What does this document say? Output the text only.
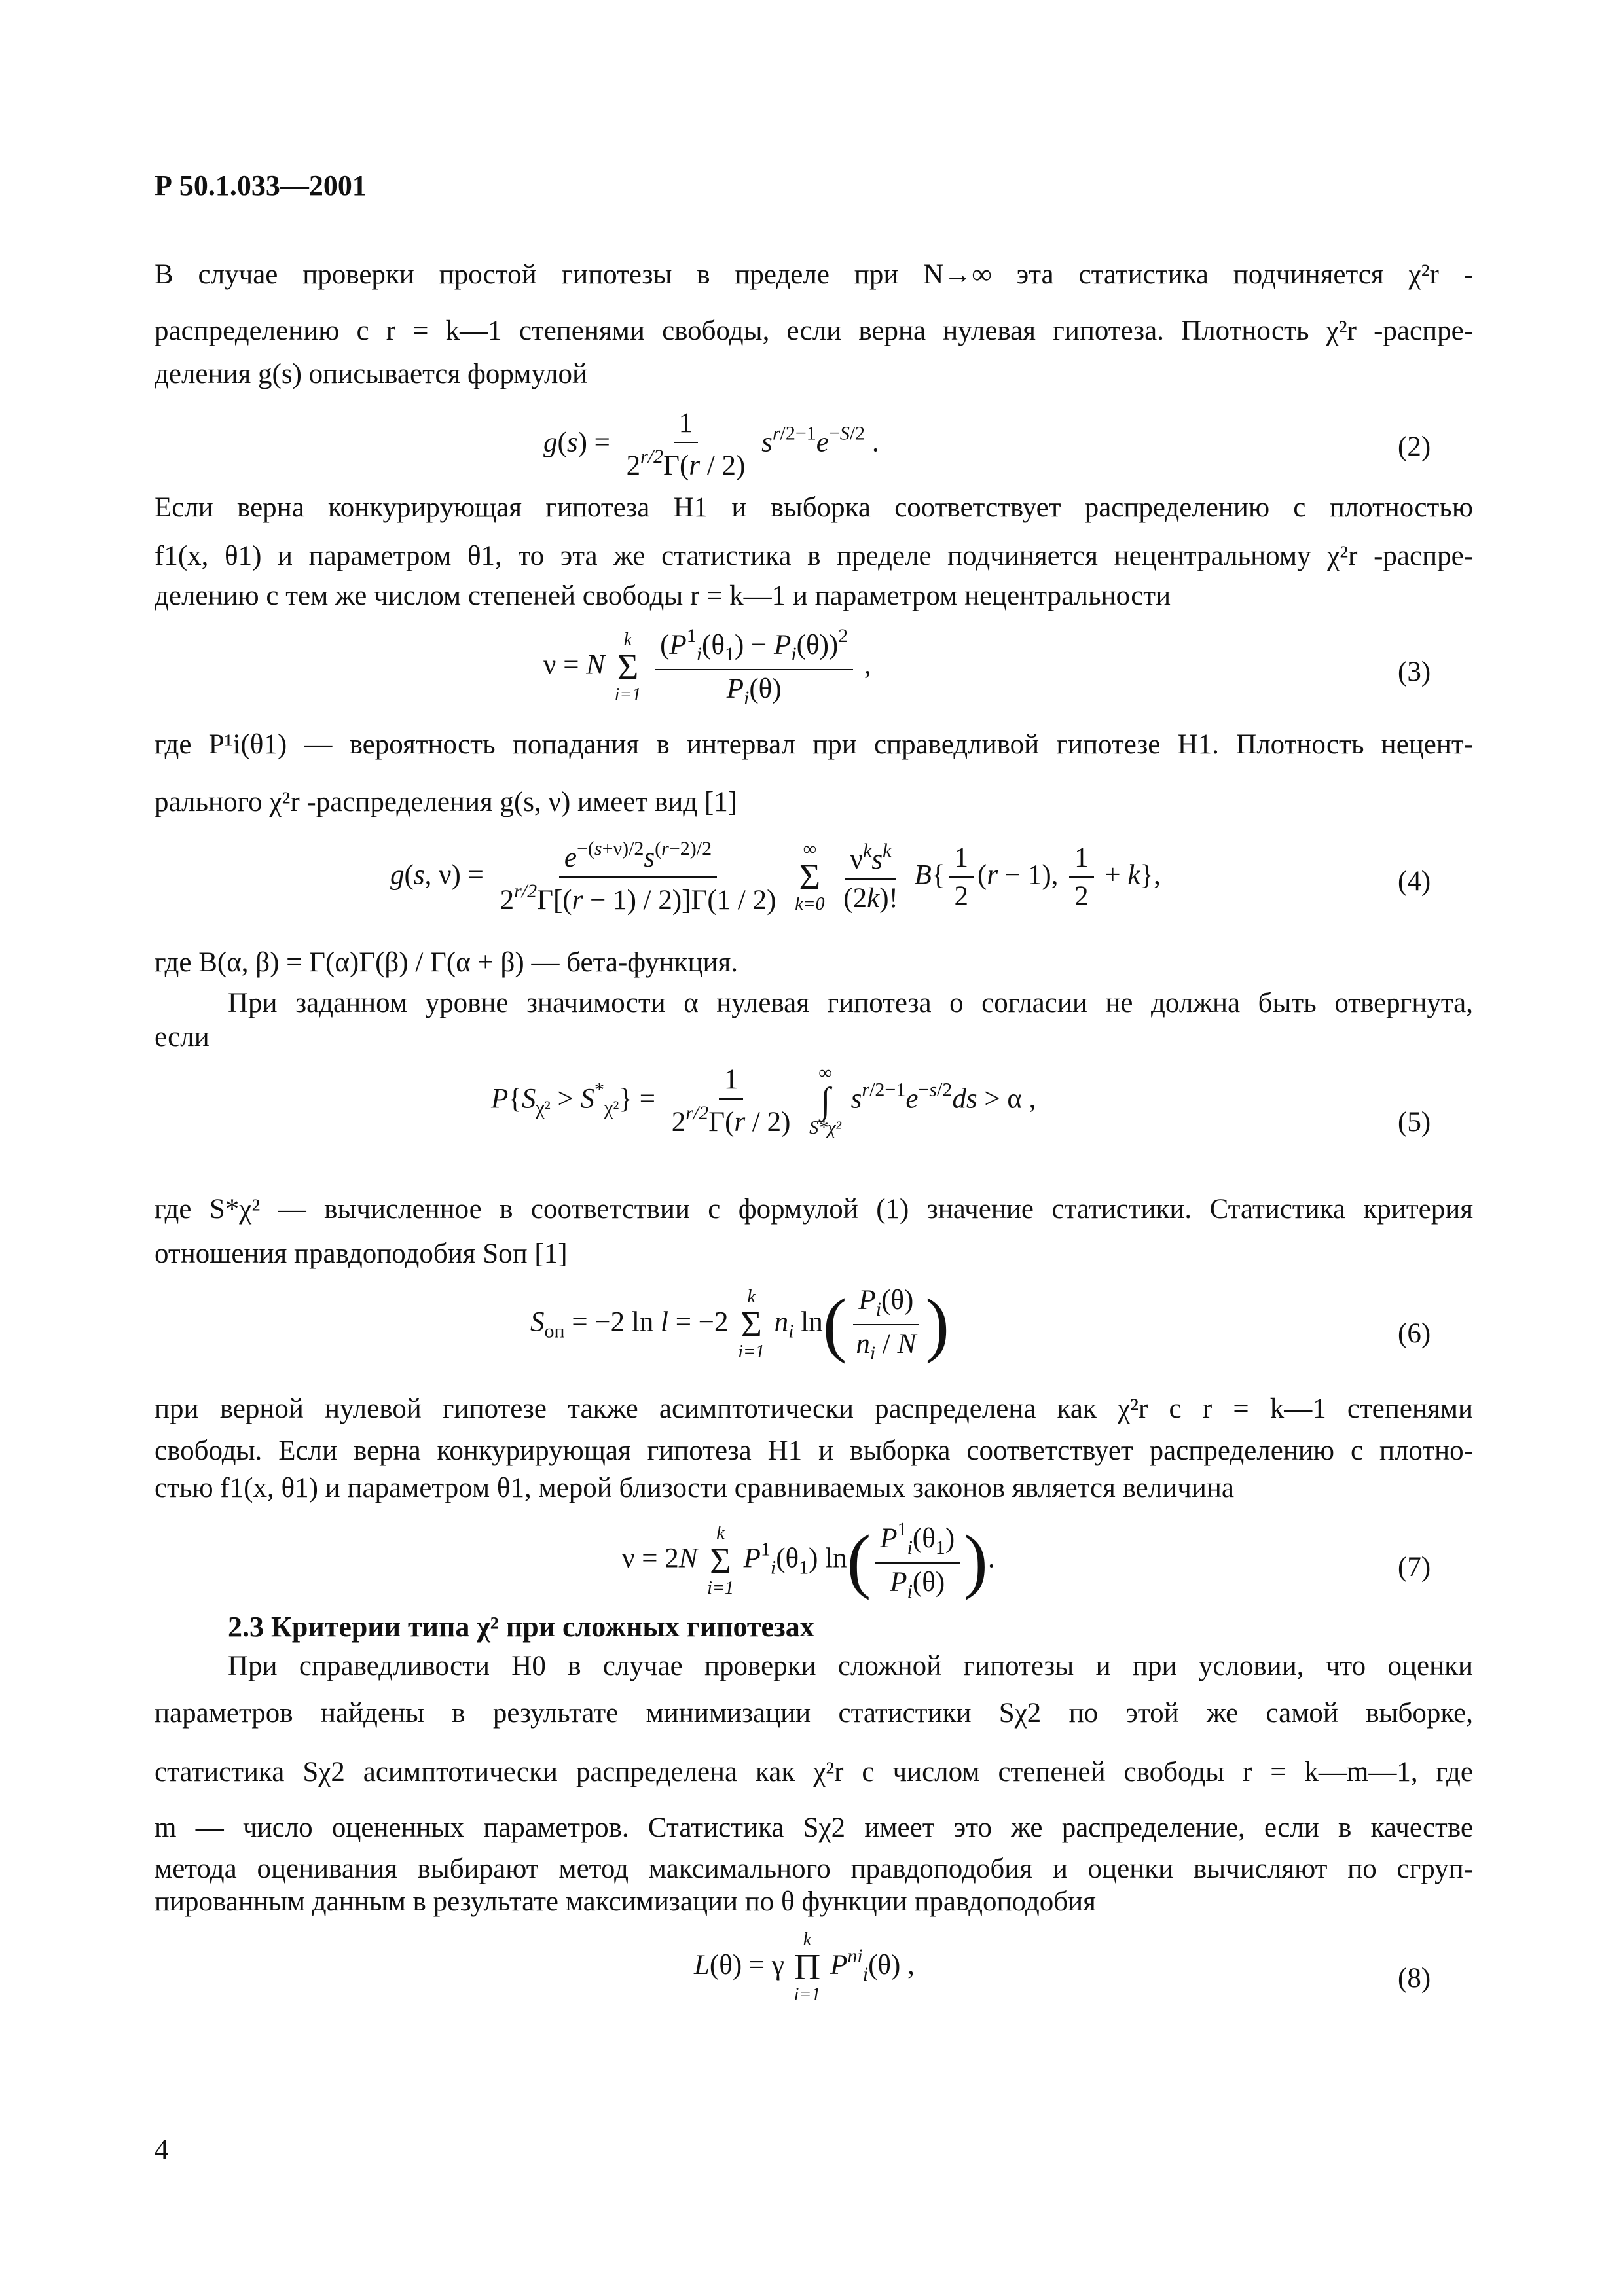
Р 50.1.033—2001
В случае проверки простой гипотезы в пределе при N→∞ эта статистика подчиняется χ²r -
распределению с r = k—1 степенями свободы, если верна нулевая гипотеза. Плотность χ²r -распре-
деления g(s) описывается формулой
$g(s) = \frac{1}{2^{r/2}\Gamma(r / 2)} s^{r/2-1}e^{-S/2}$ .	(2)
Если верна конкурирующая гипотеза H1 и выборка соответствует распределению с плотностью
f1(x, θ1) и параметром θ1, то эта же статистика в пределе подчиняется нецентральному χ²r -распре-
делению с тем же числом степеней свободы r = k—1 и параметром нецентральности
ν = N
k
Σ
i=1
$\frac{(P^1_i(\theta_1) - P_i(\theta))^2}{P_i(\theta)}$ ,	(3)
где P¹i(θ1) — вероятность попадания в интервал при справедливой гипотезе H1. Плотность нецент-
рального χ²r -распределения g(s, ν) имеет вид [1]
g(s, $\nu) = \frac{e^{-(s+\nu)/2}s^{(r-2)/2}}{2^{r/2}\Gamma[(r - 1) / 2)]\Gamma(1 / 2)}$
∞
Σ
k=0
$\frac{\nu^ks^k}{(2k)!} B\{ \frac{1}{2} (r - 1)$, $\frac{1}{2} + k$},	(4)
где B(α, β) = Γ(α)Γ(β) / Γ(α + β) — бета-функция.
При заданном уровне значимости α нулевая гипотеза о согласии не должна быть отвергнута,
если
$P\{S_{\chi^2} > S^*_{\chi^2}\} = \frac{1}{2^{r/2}\Gamma(r / 2)}$
∞
∫
S*χ²
$s^{r/2-1}e^{-s/2}ds > \alpha$ ,
(5)
где S*χ² — вычисленное в соответствии с формулой (1) значение статистики. Статистика критерия
отношения правдоподобия Sоп [1]
$S_{оп} = -2$ ln l = −2
k
Σ
i=1
$n_i$ $\ln( \frac{P_i(\theta)}{n_i / N}$ )	(6)
при верной нулевой гипотезе также асимптотически распределена как χ²r с r = k—1 степенями
свободы. Если верна конкурирующая гипотеза H1 и выборка соответствует распределению с плотно-
стью f1(x, θ1) и параметром θ1, мерой близости сравниваемых законов является величина
ν = 2N
k
Σ
i=1
$P^1_i(\theta_1)$ $\ln( \frac{P^1_i(\theta_1)}{P_i(\theta)}$ ).	(7)
2.3 Критерии типа χ² при сложных гипотезах
При справедливости H0 в случае проверки сложной гипотезы и при условии, что оценки
параметров найдены в результате минимизации статистики Sχ2 по этой же самой выборке,
статистика Sχ2 асимптотически распределена как χ²r с числом степеней свободы r = k—m—1, где
m — число оцененных параметров. Статистика Sχ2 имеет это же распределение, если в качестве
метода оценивания выбирают метод максимального правдоподобия и оценки вычисляют по сгруп-
пированным данным в результате максимизации по θ функции правдоподобия
L(θ) = γ
k
Π
i=1
$P^{ni}_i(\theta)$ ,	(8)
4
